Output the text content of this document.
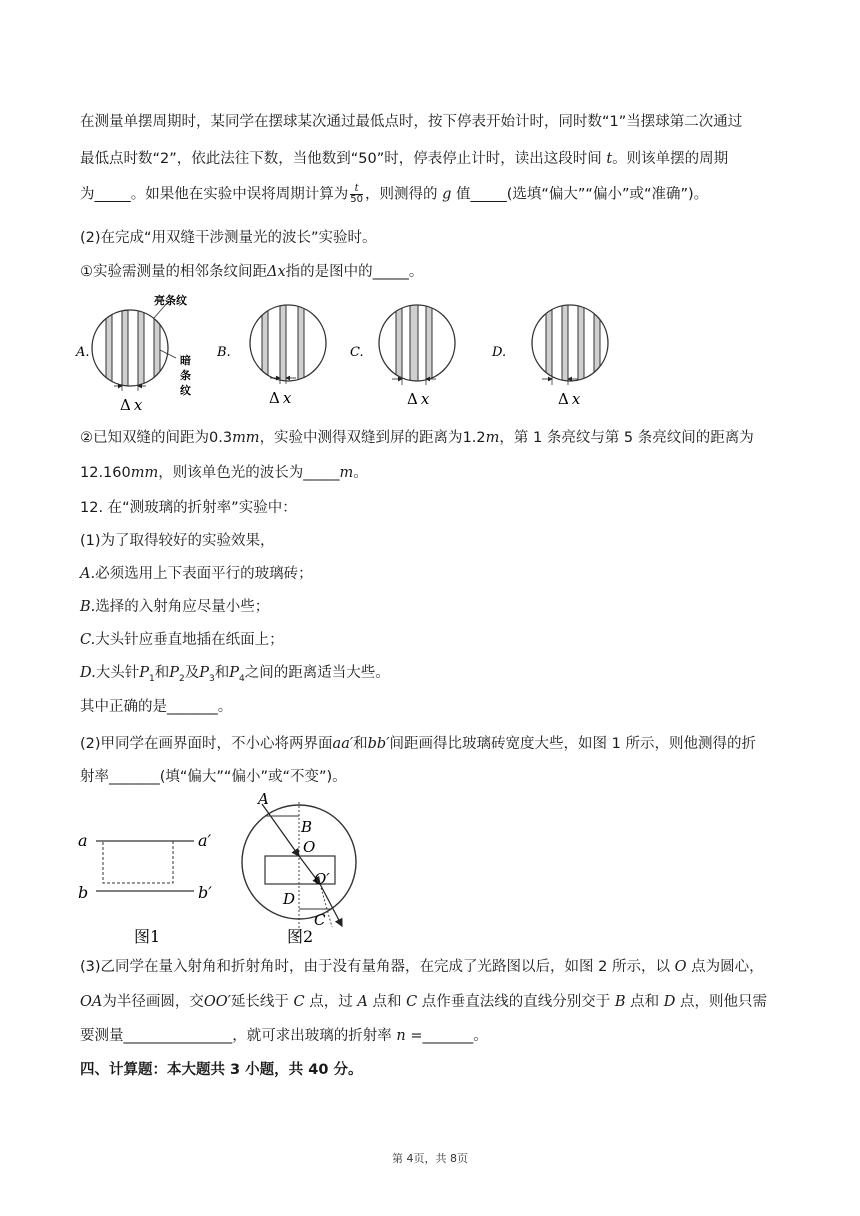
在测量单摆周期时，某同学在摆球某次通过最低点时，按下停表开始计时，同时数“1”当摆球第二次通过
最低点时数“2”，依此法往下数，当他数到“50”时，停表停止计时，读出这段时间 t。则该单摆的周期
为_____。如果他在实验中误将周期计算为 $\frac{t}{50}$ ，则测得的 g 值_____(选填“偏大”“偏小”或“准确”)。
(2)在完成“用双缝干涉测量光的波长”实验时。
①实验需测量的相邻条纹间距Δx指的是图中的_____。
A.
亮条纹
暗
条
纹
Δ x
B.
Δ x
C.
Δ x
D.
Δ x
②已知双缝的间距为0.3mm，实验中测得双缝到屏的距离为1.2m，第 1 条亮纹与第 5 条亮纹间的距离为
12.160mm，则该单色光的波长为_____m。
12. 在“测玻璃的折射率”实验中：
(1)为了取得较好的实验效果，
A.必须选用上下表面平行的玻璃砖；
B.选择的入射角应尽量小些；
C.大头针应垂直地插在纸面上；
D.大头针$P_1$和$P_2$及$P_3$和$P_4$之间的距离适当大些。
其中正确的是_______。
(2)甲同学在画界面时，不小心将两界面aa′和bb′间距画得比玻璃砖宽度大些，如图 1 所示，则他测得的折
射率_______(填“偏大”“偏小”或“不变”)。
a	a′
b	b′
图1
A
B
O
O′
D
C
图2
(3)乙同学在量入射角和折射角时，由于没有量角器，在完成了光路图以后，如图 2 所示，以 O 点为圆心，
OA为半径画圆，交OO′延长线于 C 点，过 A 点和 C 点作垂直法线的直线分别交于 B 点和 D 点，则他只需
要测量_______________，就可求出玻璃的折射率 n =_______。
四、计算题：本大题共 3 小题，共 40 分。
第 4页，共 8页
